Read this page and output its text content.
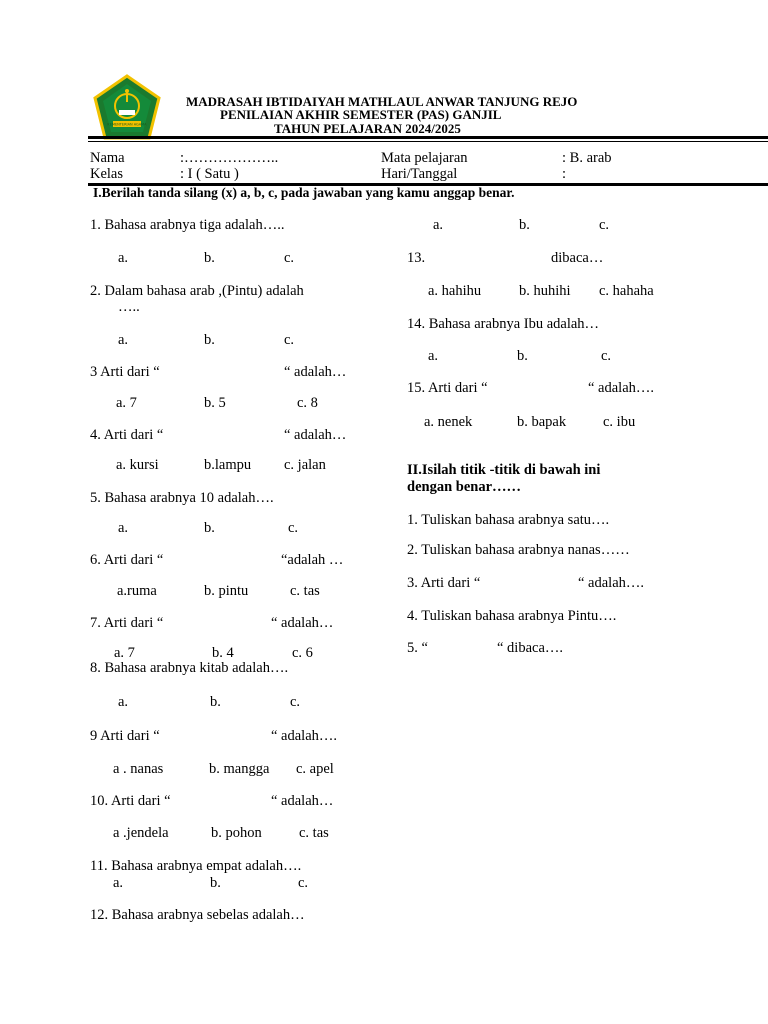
KEMENTERIAN AGAMA
MADRASAH IBTIDAIYAH MATHLAUL ANWAR TANJUNG REJO
PENILAIAN AKHIR SEMESTER (PAS) GANJIL
TAHUN PELAJARAN 2024/2025
Nama	:………………..	Mata pelajaran	: B. arab
Kelas	: I ( Satu )	Hari/Tanggal	:
I.Berilah tanda silang (x) a, b, c, pada jawaban yang kamu anggap benar.
1. Bahasa arabnya tiga adalah…..
a.	b.	c.
2. Dalam bahasa arab ,(Pintu) adalah
…..
a.	b.	c.
3 Arti dari “	“ adalah…
a. 7	b. 5	c. 8
4. Arti dari “	“ adalah…
a. kursi	b.lampu c. jalan
5. Bahasa arabnya 10 adalah….
a.	b.	c.
6. Arti dari “	“adalah …
a.ruma	b. pintu	c. tas
7. Arti dari “	“ adalah…
a. 7	b. 4	c. 6
8. Bahasa arabnya kitab adalah….
a.	b.	c.
9 Arti dari “	“ adalah….
a . nanas	b. mangga c. apel
10. Arti dari “	“ adalah…
a .jendela	b. pohon	c. tas
11. Bahasa arabnya empat adalah….
a.	b.	c.
12. Bahasa arabnya sebelas adalah…
a.	b.	c.
13.	dibaca…
a. hahihu	b. huhihi c. hahaha
14. Bahasa arabnya Ibu adalah…
a.	b.	c.
15. Arti dari “	“ adalah….
a. nenek	b. bapak	c. ibu
II.Isilah titik -titik di bawah ini
dengan benar……
1. Tuliskan bahasa arabnya satu….
2. Tuliskan bahasa arabnya nanas……
3. Arti dari “	“ adalah….
4. Tuliskan bahasa arabnya Pintu….
5. “	“ dibaca….
